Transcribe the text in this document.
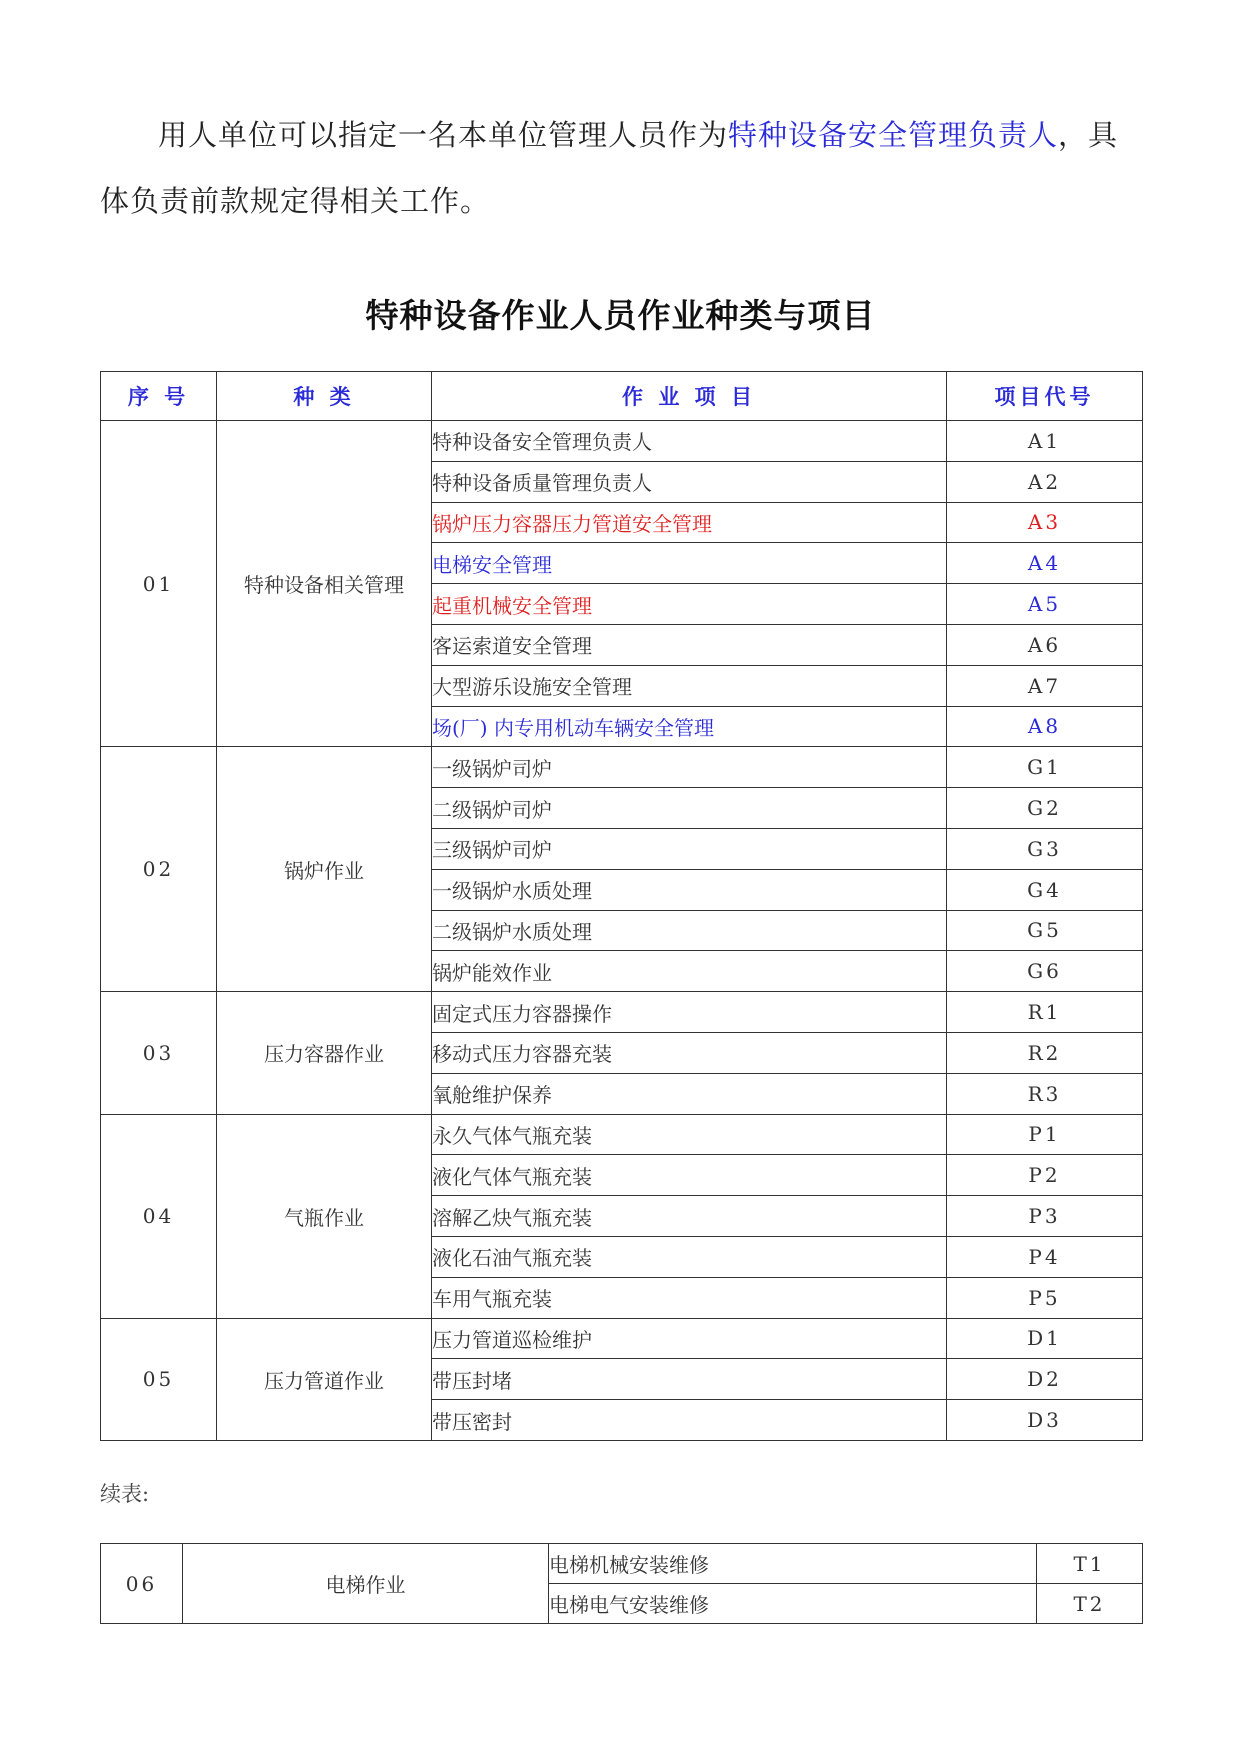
用人单位可以指定一名本单位管理人员作为特种设备安全管理负责人，具体负责前款规定得相关工作。
特种设备作业人员作业种类与项目
序 号	种 类	作 业 项 目	项目代号
01	特种设备相关管理	特种设备安全管理负责人	A1
		特种设备质量管理负责人	A2
		锅炉压力容器压力管道安全管理	A3
		电梯安全管理	A4
		起重机械安全管理	A5
		客运索道安全管理	A6
		大型游乐设施安全管理	A7
		场(厂) 内专用机动车辆安全管理	A8
02	锅炉作业	一级锅炉司炉	G1
		二级锅炉司炉	G2
		三级锅炉司炉	G3
		一级锅炉水质处理	G4
		二级锅炉水质处理	G5
		锅炉能效作业	G6
03	压力容器作业	固定式压力容器操作	R1
		移动式压力容器充装	R2
		氧舱维护保养	R3
04	气瓶作业	永久气体气瓶充装	P1
		液化气体气瓶充装	P2
		溶解乙炔气瓶充装	P3
		液化石油气瓶充装	P4
		车用气瓶充装	P5
05	压力管道作业	压力管道巡检维护	D1
		带压封堵	D2
		带压密封	D3
续表:
06	电梯作业	电梯机械安装维修	T1
		电梯电气安装维修	T2
